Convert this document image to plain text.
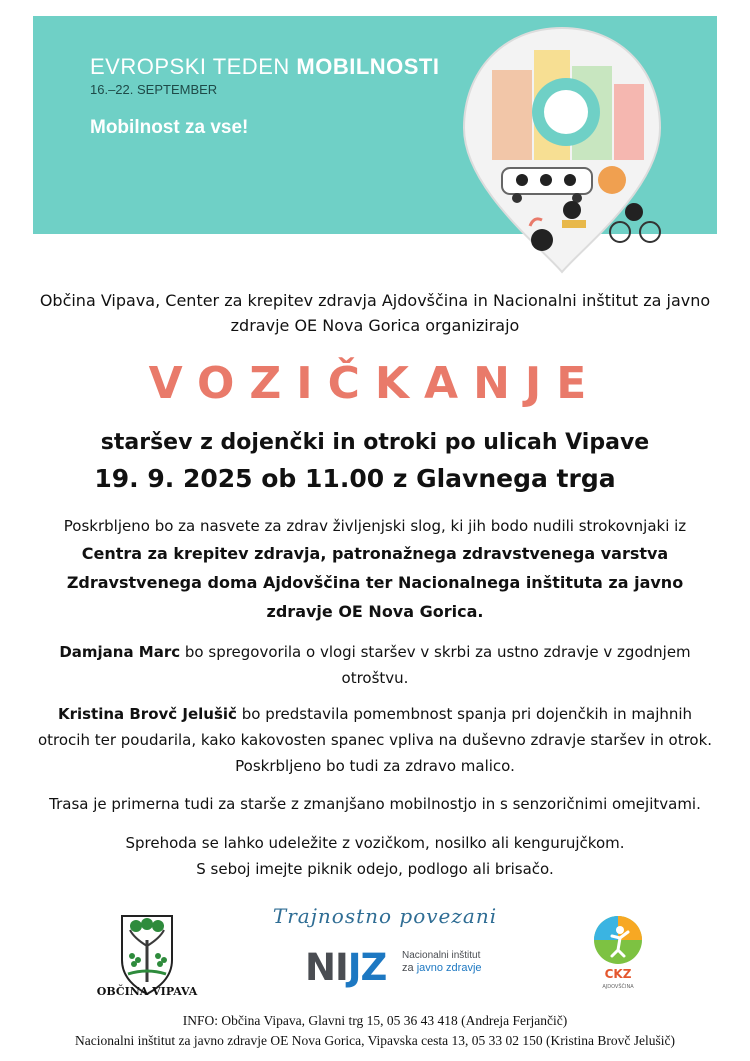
EVROPSKI TEDEN MOBILNOSTI
16.–22. SEPTEMBER
Mobilnost za vse!
Občina Vipava, Center za krepitev zdravja Ajdovščina in Nacionalni inštitut za javno
zdravje OE Nova Gorica organizirajo
VOZIČKANJE
staršev z dojenčki in otroki po ulicah Vipave
19. 9. 2025 ob 11.00 z Glavnega trga
Poskrbljeno bo za nasvete za zdrav življenjski slog, ki jih bodo nudili strokovnjaki iz
Centra za krepitev zdravja, patronažnega zdravstvenega varstva
Zdravstvenega doma Ajdovščina ter Nacionalnega inštituta za javno
zdravje OE Nova Gorica.
Damjana Marc bo spregovorila o vlogi staršev v skrbi za ustno zdravje v zgodnjem
otroštvu.
Kristina Brovč Jelušič bo predstavila pomembnost spanja pri dojenčkih in majhnih
otrocih ter poudarila, kako kakovosten spanec vpliva na duševno zdravje staršev in otrok.
Poskrbljeno bo tudi za zdravo malico.
Trasa je primerna tudi za starše z zmanjšano mobilnostjo in s senzoričnimi omejitvami.
Sprehoda se lahko udeležite z vozičkom, nosilko ali kengurujčkom.
S seboj imejte piknik odejo, podlogo ali brisačo.
OBČINA VIPAVA
Trajnostno povezani
NIJZ Nacionalni inštitut
za javno zdravje	CKZ
AJDOVŠČINA
INFO: Občina Vipava, Glavni trg 15, 05 36 43 418 (Andreja Ferjančič)
Nacionalni inštitut za javno zdravje OE Nova Gorica, Vipavska cesta 13, 05 33 02 150 (Kristina Brovč Jelušič)
